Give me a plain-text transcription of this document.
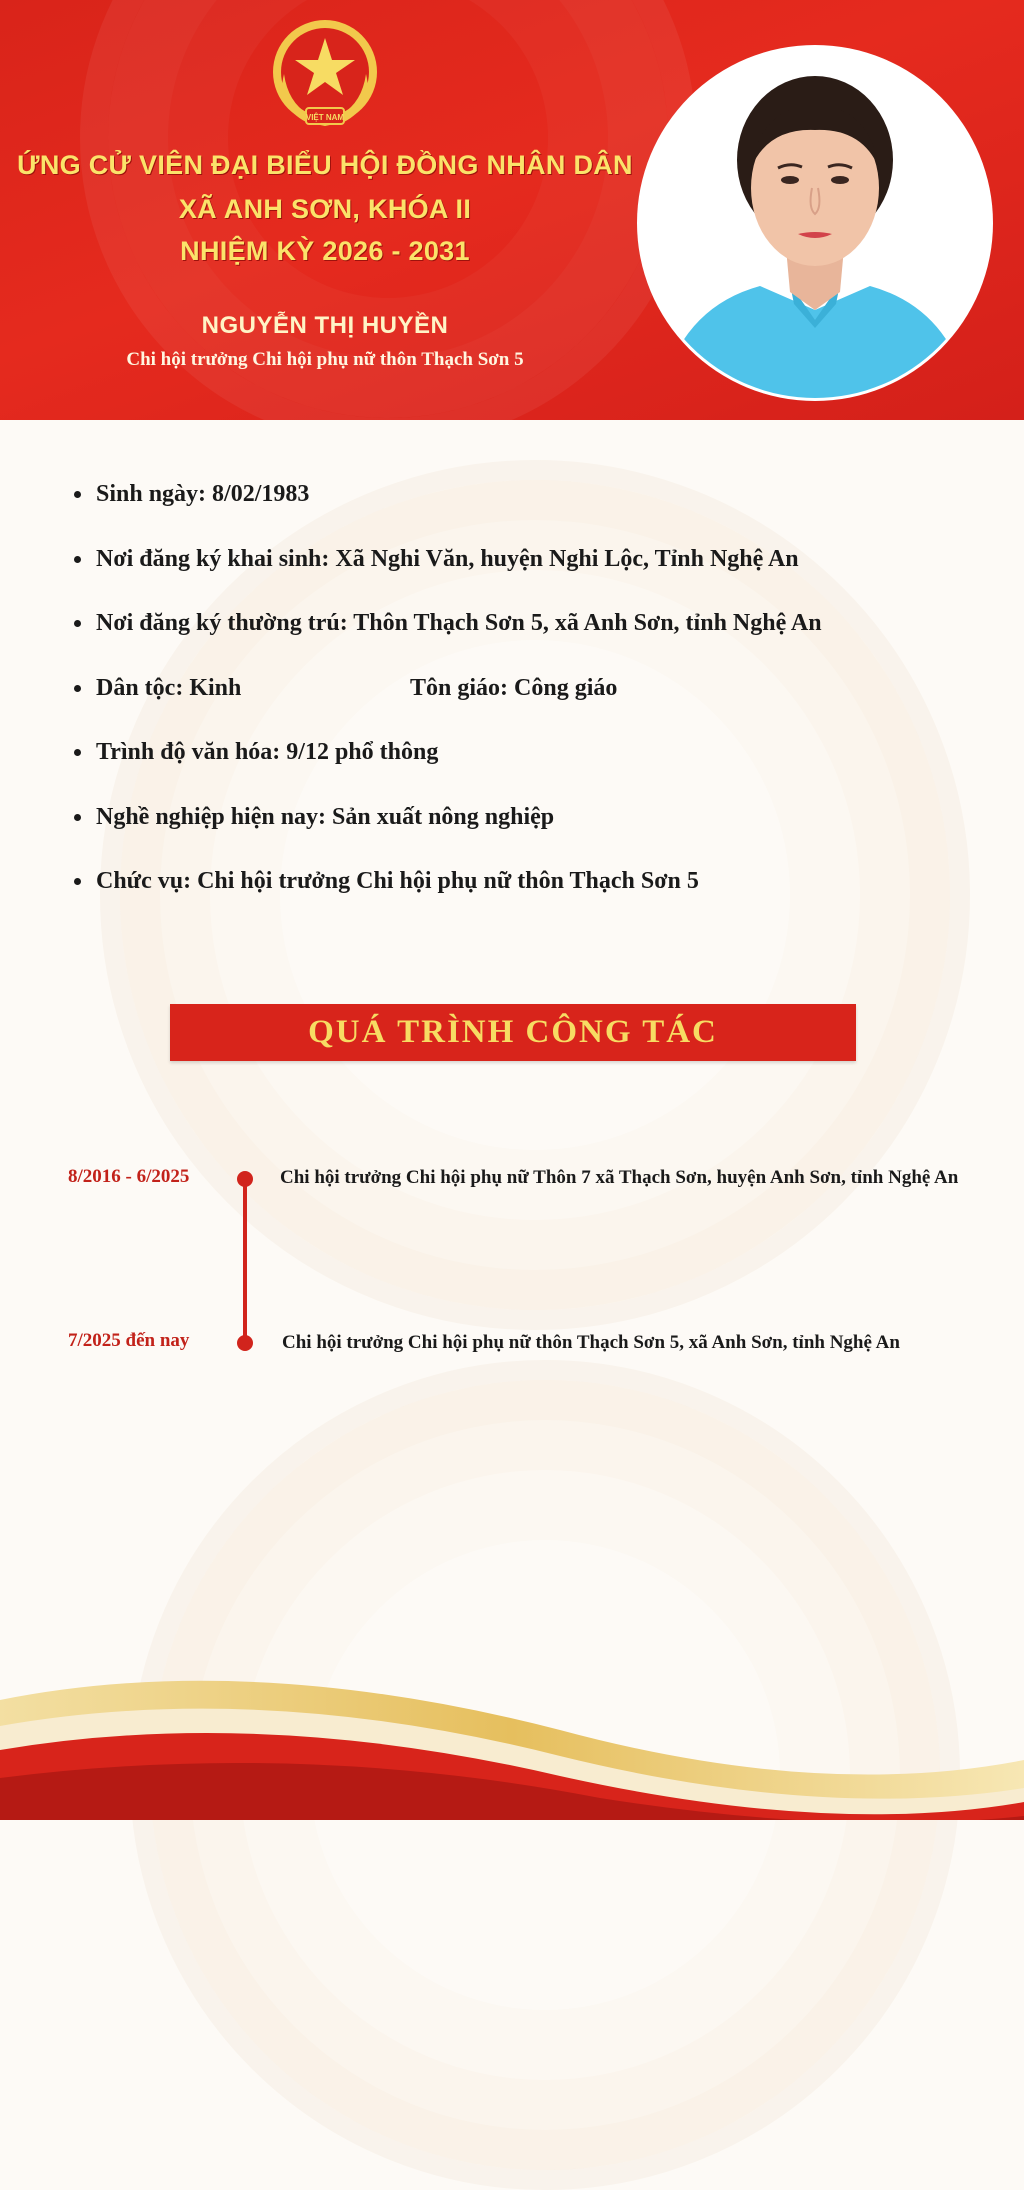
VIỆT NAM
ỨNG CỬ VIÊN ĐẠI BIỂU HỘI ĐỒNG NHÂN DÂN
XÃ ANH SƠN, KHÓA II
NHIỆM KỲ 2026 - 2031
NGUYỄN THỊ HUYỀN
Chi hội trưởng Chi hội phụ nữ thôn Thạch Sơn 5
Sinh ngày: 8/02/1983
Nơi đăng ký khai sinh: Xã Nghi Văn, huyện Nghi Lộc, Tỉnh Nghệ An
Nơi đăng ký thường trú: Thôn Thạch Sơn 5, xã Anh Sơn, tỉnh Nghệ An
Dân tộc: Kinh	Tôn giáo: Công giáo
Trình độ văn hóa: 9/12 phổ thông
Nghề nghiệp hiện nay: Sản xuất nông nghiệp
Chức vụ: Chi hội trưởng Chi hội phụ nữ thôn Thạch Sơn 5
QUÁ TRÌNH CÔNG TÁC
8/2016 - 6/2025	Chi hội trưởng Chi hội phụ nữ Thôn 7 xã Thạch Sơn, huyện Anh Sơn, tỉnh Nghệ An
7/2025 đến nay	Chi hội trưởng Chi hội phụ nữ thôn Thạch Sơn 5, xã Anh Sơn, tỉnh Nghệ An
